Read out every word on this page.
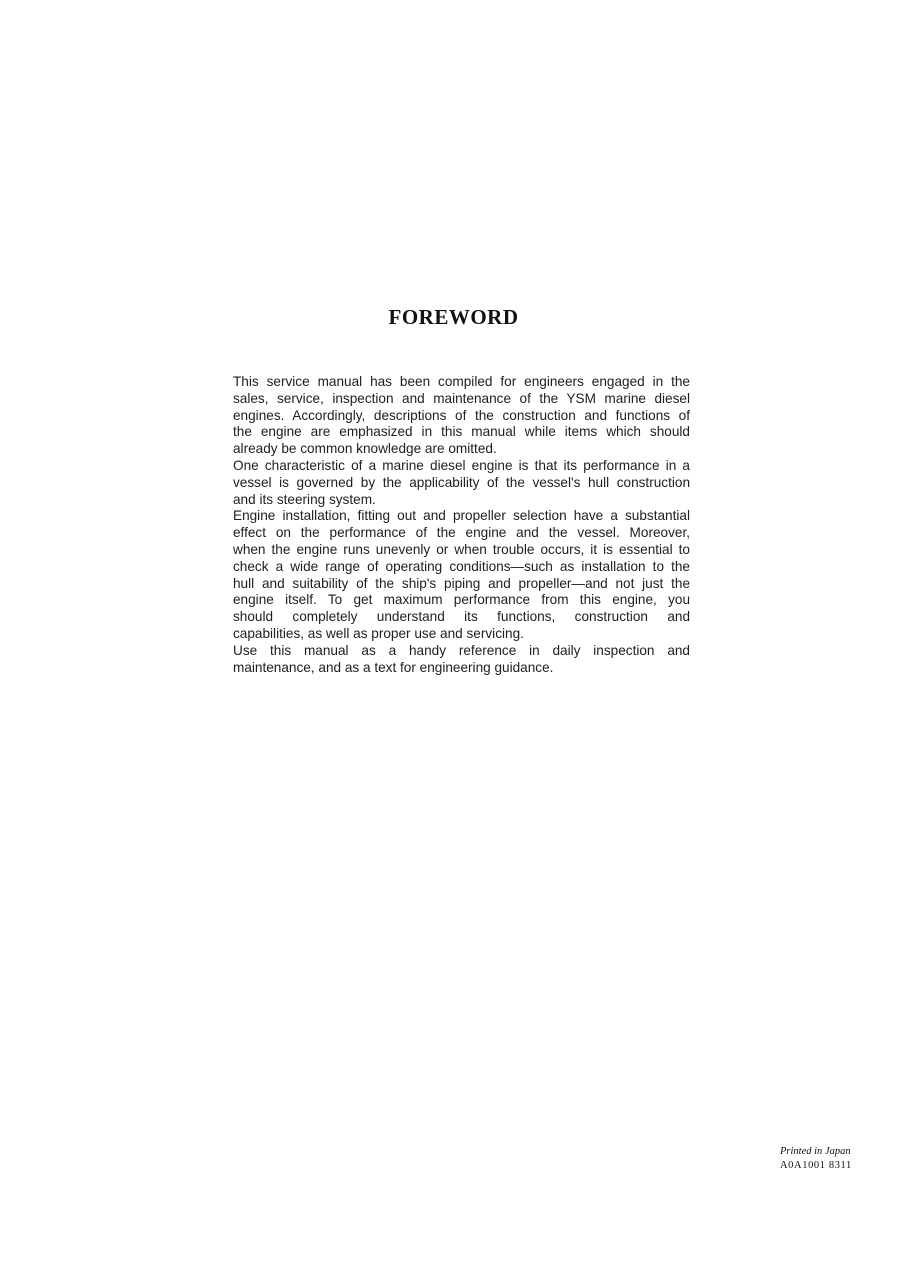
FOREWORD
This service manual has been compiled for engineers engaged in the
sales, service, inspection and maintenance of the YSM marine diesel
engines. Accordingly, descriptions of the construction and functions of
the engine are emphasized in this manual while items which should
already be common knowledge are omitted.
One characteristic of a marine diesel engine is that its performance in a
vessel is governed by the applicability of the vessel's hull construction
and its steering system.
Engine installation, fitting out and propeller selection have a substantial
effect on the performance of the engine and the vessel. Moreover,
when the engine runs unevenly or when trouble occurs, it is essential to
check a wide range of operating conditions—such as installation to the
hull and suitability of the ship's piping and propeller—and not just the
engine itself. To get maximum performance from this engine, you
should completely understand its functions, construction and
capabilities, as well as proper use and servicing.
Use this manual as a handy reference in daily inspection and
maintenance, and as a text for engineering guidance.
Printed in Japan
A0A1001 8311
